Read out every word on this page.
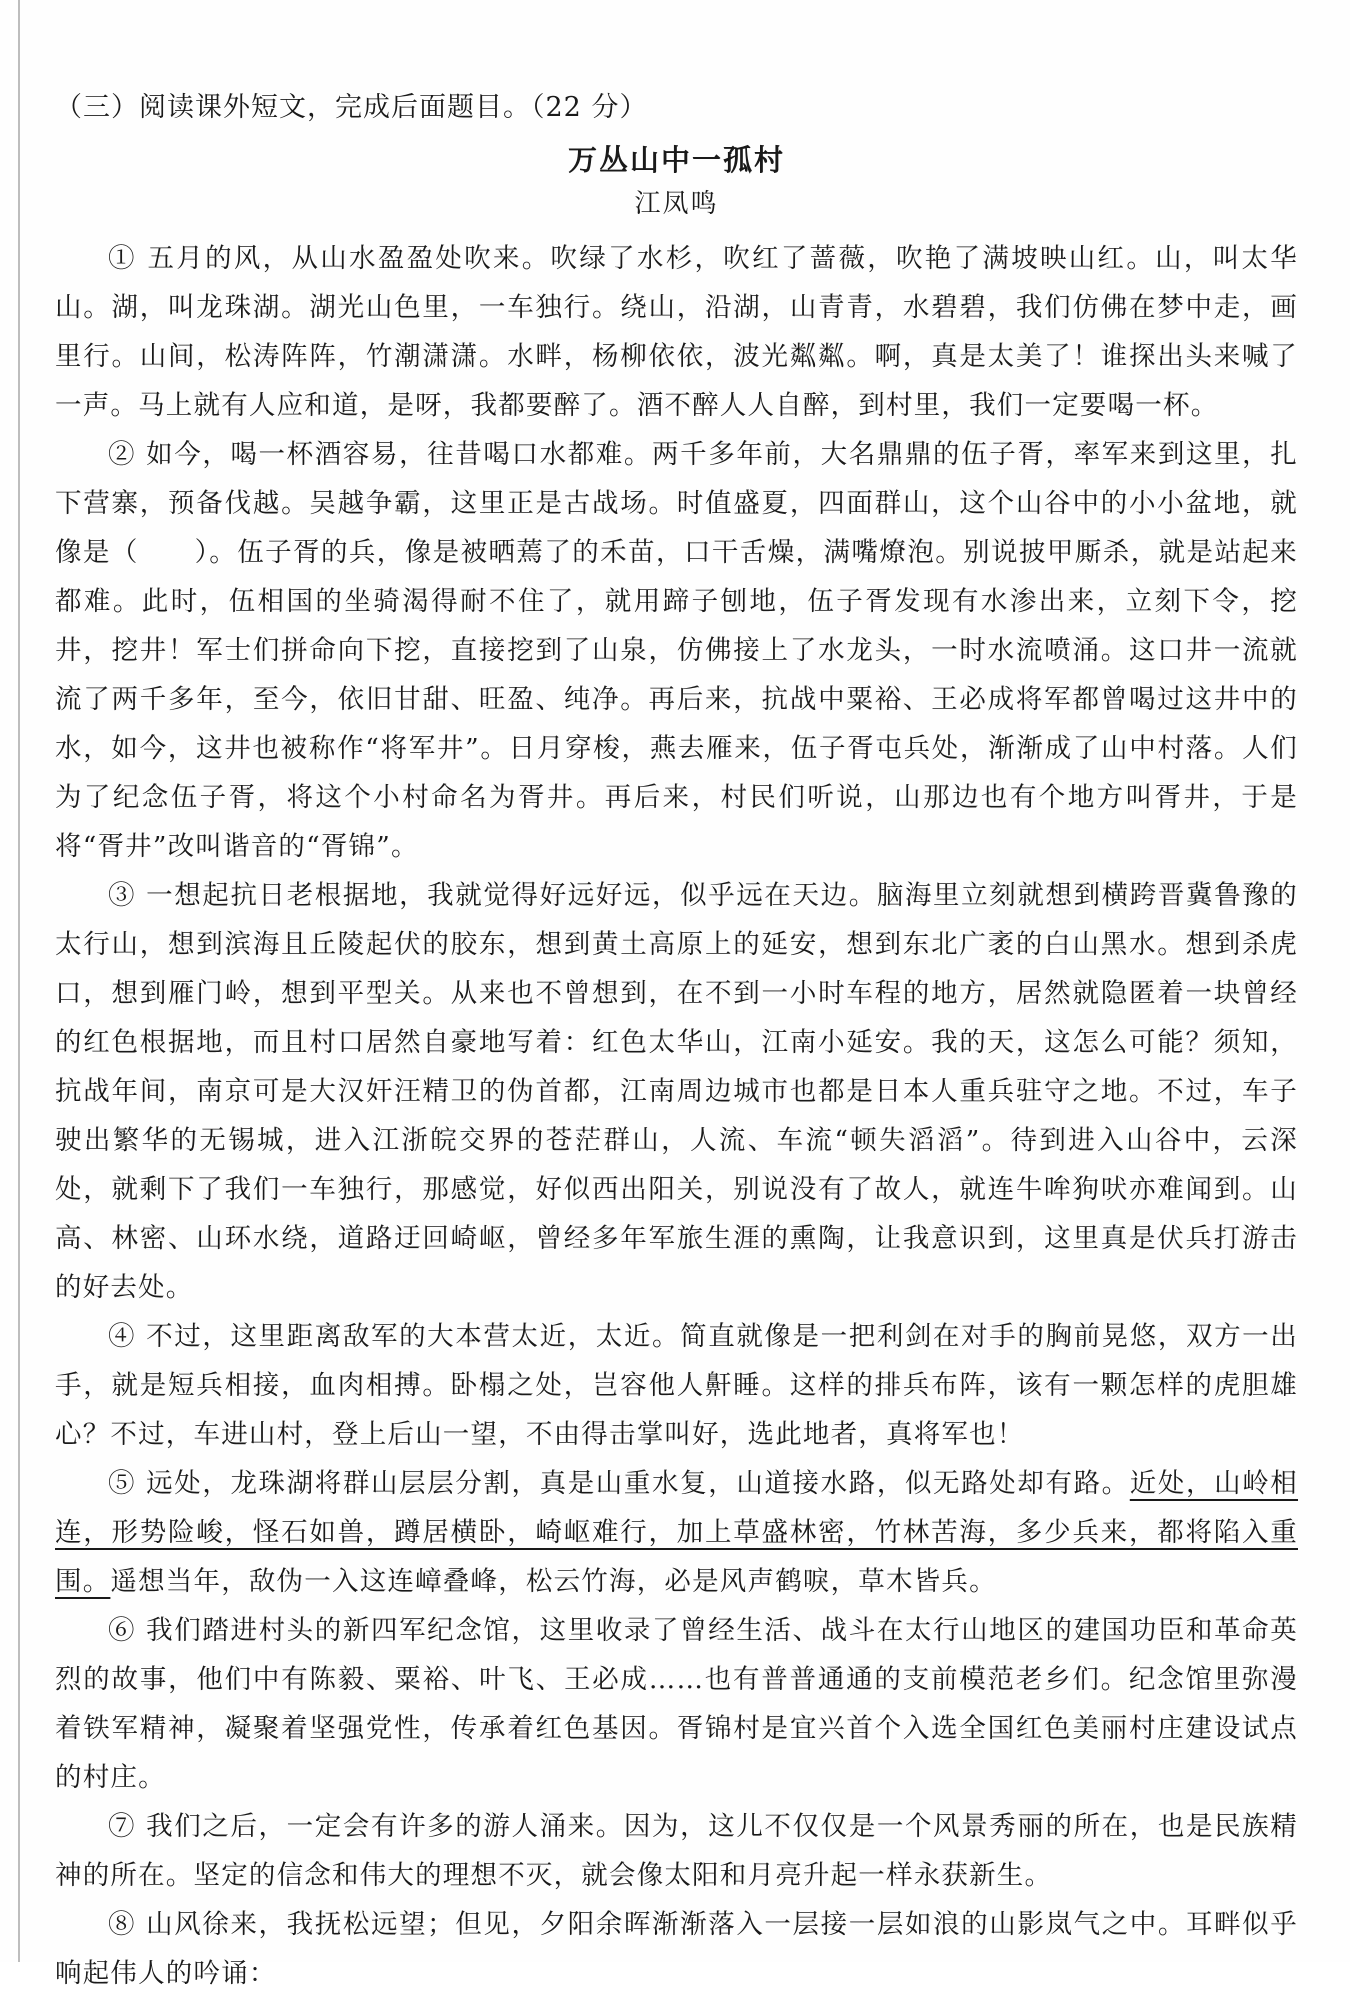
（三）阅读课外短文，完成后面题目。（22 分）

万丛山中一孤村

江凤鸣

① 五月的风，从山水盈盈处吹来。吹绿了水杉，吹红了蔷薇，吹艳了满坡映山红。山，叫太华山。湖，叫龙珠湖。湖光山色里，一车独行。绕山，沿湖，山青青，水碧碧，我们仿佛在梦中走，画里行。山间，松涛阵阵，竹潮潇潇。水畔，杨柳依依，波光粼粼。啊，真是太美了！谁探出头来喊了一声。马上就有人应和道，是呀，我都要醉了。酒不醉人人自醉，到村里，我们一定要喝一杯。

② 如今，喝一杯酒容易，往昔喝口水都难。两千多年前，大名鼎鼎的伍子胥，率军来到这里，扎下营寨，预备伐越。吴越争霸，这里正是古战场。时值盛夏，四面群山，这个山谷中的小小盆地，就像是（　　）。伍子胥的兵，像是被晒蔫了的禾苗，口干舌燥，满嘴燎泡。别说披甲厮杀，就是站起来都难。此时，伍相国的坐骑渴得耐不住了，就用蹄子刨地，伍子胥发现有水渗出来，立刻下令，挖井，挖井！军士们拼命向下挖，直接挖到了山泉，仿佛接上了水龙头，一时水流喷涌。这口井一流就流了两千多年，至今，依旧甘甜、旺盈、纯净。再后来，抗战中粟裕、王必成将军都曾喝过这井中的水，如今，这井也被称作“将军井”。日月穿梭，燕去雁来，伍子胥屯兵处，渐渐成了山中村落。人们为了纪念伍子胥，将这个小村命名为胥井。再后来，村民们听说，山那边也有个地方叫胥井，于是将“胥井”改叫谐音的“胥锦”。

③ 一想起抗日老根据地，我就觉得好远好远，似乎远在天边。脑海里立刻就想到横跨晋冀鲁豫的太行山，想到滨海且丘陵起伏的胶东，想到黄土高原上的延安，想到东北广袤的白山黑水。想到杀虎口，想到雁门岭，想到平型关。从来也不曾想到，在不到一小时车程的地方，居然就隐匿着一块曾经的红色根据地，而且村口居然自豪地写着：红色太华山，江南小延安。我的天，这怎么可能？须知，抗战年间，南京可是大汉奸汪精卫的伪首都，江南周边城市也都是日本人重兵驻守之地。不过，车子驶出繁华的无锡城，进入江浙皖交界的苍茫群山，人流、车流“顿失滔滔”。待到进入山谷中，云深处，就剩下了我们一车独行，那感觉，好似西出阳关，别说没有了故人，就连牛哞狗吠亦难闻到。山高、林密、山环水绕，道路迂回崎岖，曾经多年军旅生涯的熏陶，让我意识到，这里真是伏兵打游击的好去处。

④ 不过，这里距离敌军的大本营太近，太近。简直就像是一把利剑在对手的胸前晃悠，双方一出手，就是短兵相接，血肉相搏。卧榻之处，岂容他人鼾睡。这样的排兵布阵，该有一颗怎样的虎胆雄心？不过，车进山村，登上后山一望，不由得击掌叫好，选此地者，真将军也！

⑤ 远处，龙珠湖将群山层层分割，真是山重水复，山道接水路，似无路处却有路。近处，山岭相连，形势险峻，怪石如兽，蹲居横卧，崎岖难行，加上草盛林密，竹林苦海，多少兵来，都将陷入重围。遥想当年，敌伪一入这连嶂叠峰，松云竹海，必是风声鹤唳，草木皆兵。

⑥ 我们踏进村头的新四军纪念馆，这里收录了曾经生活、战斗在太行山地区的建国功臣和革命英烈的故事，他们中有陈毅、粟裕、叶飞、王必成……也有普普通通的支前模范老乡们。纪念馆里弥漫着铁军精神，凝聚着坚强党性，传承着红色基因。胥锦村是宜兴首个入选全国红色美丽村庄建设试点的村庄。

⑦ 我们之后，一定会有许多的游人涌来。因为，这儿不仅仅是一个风景秀丽的所在，也是民族精神的所在。坚定的信念和伟大的理想不灭，就会像太阳和月亮升起一样永获新生。

⑧ 山风徐来，我抚松远望；但见，夕阳余晖渐渐落入一层接一层如浪的山影岚气之中。耳畔似乎响起伟人的吟诵：
